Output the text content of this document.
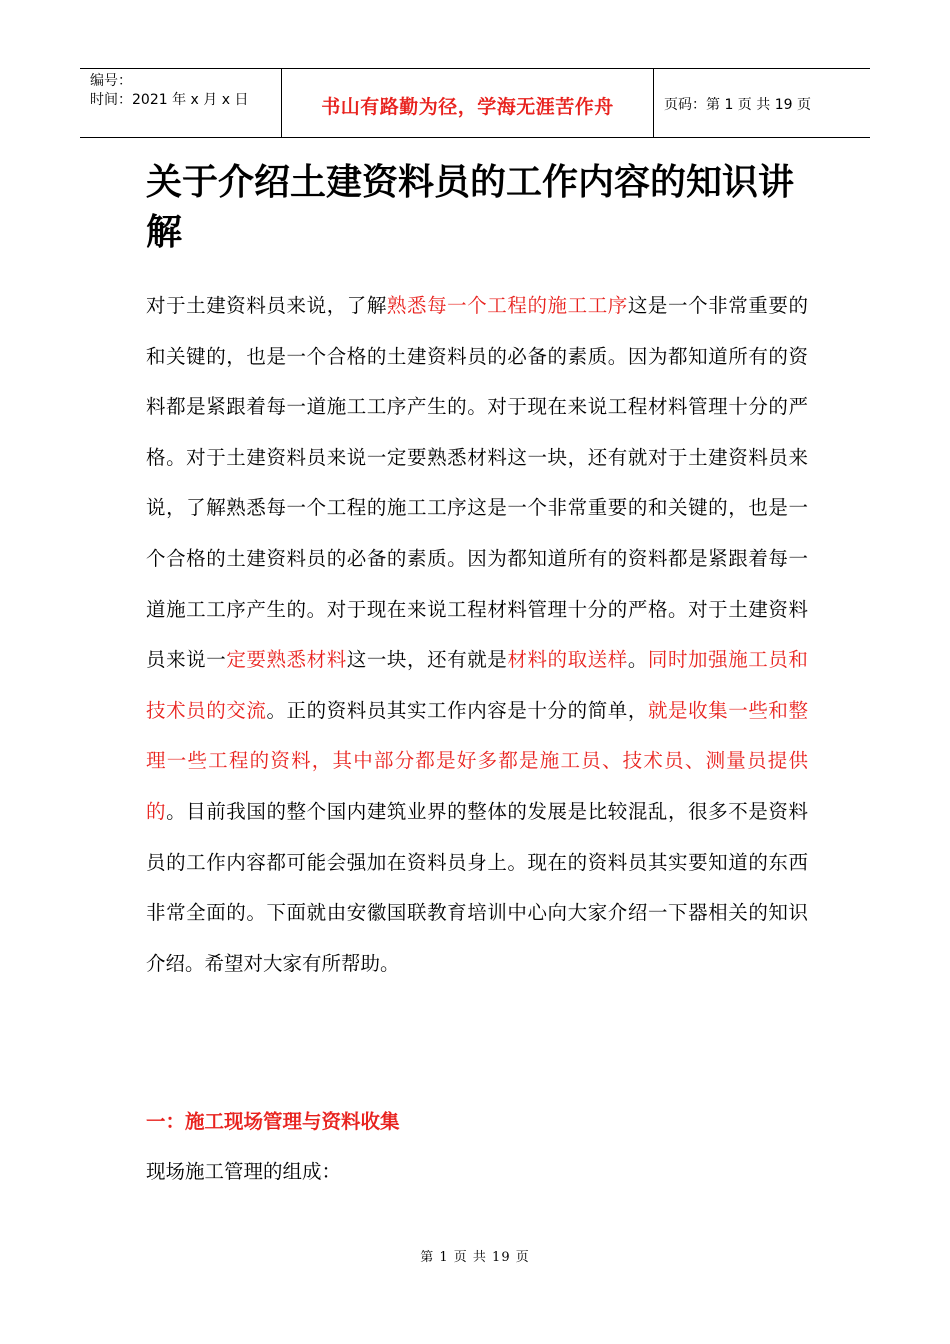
编号：
时间：2021 年 x 月 x 日	书山有路勤为径，学海无涯苦作舟	页码：第 1 页 共 19 页
关于介绍土建资料员的工作内容的知识讲解

对于土建资料员来说，了解熟悉每一个工程的施工工序这是一个非常重要的和关键的，也是一个合格的土建资料员的必备的素质。因为都知道所有的资料都是紧跟着每一道施工工序产生的。对于现在来说工程材料管理十分的严格。对于土建资料员来说一定要熟悉材料这一块，还有就对于土建资料员来说，了解熟悉每一个工程的施工工序这是一个非常重要的和关键的，也是一个合格的土建资料员的必备的素质。因为都知道所有的资料都是紧跟着每一道施工工序产生的。对于现在来说工程材料管理十分的严格。对于土建资料员来说一定要熟悉材料这一块，还有就是材料的取送样。同时加强施工员和技术员的交流。正的资料员其实工作内容是十分的简单，就是收集一些和整理一些工程的资料，其中部分都是好多都是施工员、技术员、测量员提供的。目前我国的整个国内建筑业界的整体的发展是比较混乱，很多不是资料员的工作内容都可能会强加在资料员身上。现在的资料员其实要知道的东西非常全面的。下面就由安徽国联教育培训中心向大家介绍一下器相关的知识介绍。希望对大家有所帮助。

一：施工现场管理与资料收集

现场施工管理的组成：

第 1 页 共 19 页
